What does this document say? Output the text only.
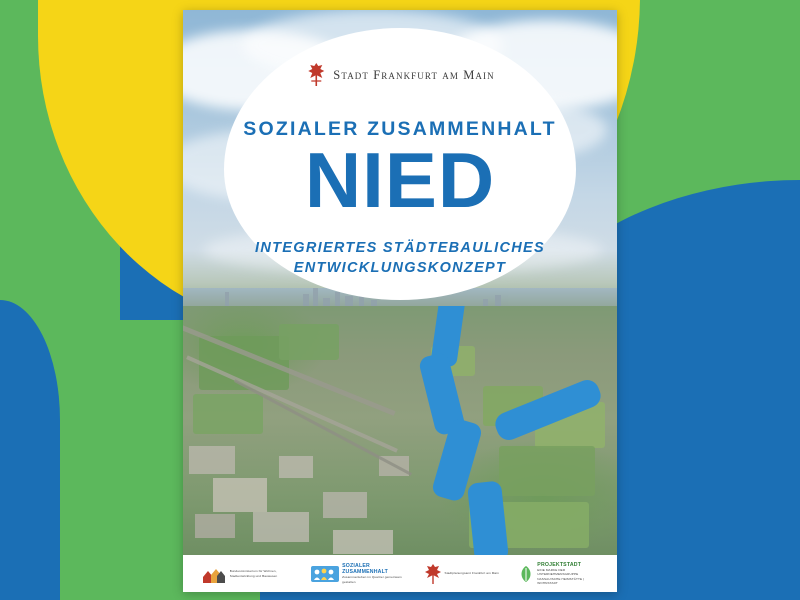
Stadt Frankfurt am Main
SOZIALER ZUSAMMENHALT
NIED
INTEGRIERTES STÄDTEBAULICHES
ENTWICKLUNGSKONZEPT
Bundesministerium für Wohnen, Stadtentwicklung und Bauwesen
SOZIALER ZUSAMMENHALT
Zusammenleben im Quartier gemeinsam gestalten
Stadtplanungsamt Frankfurt am Main
PROJEKTSTADT
EINE MARKE DER UNTERNEHMENSGRUPPE NASSAUISCHE HEIMSTÄTTE | WOHNSTADT
